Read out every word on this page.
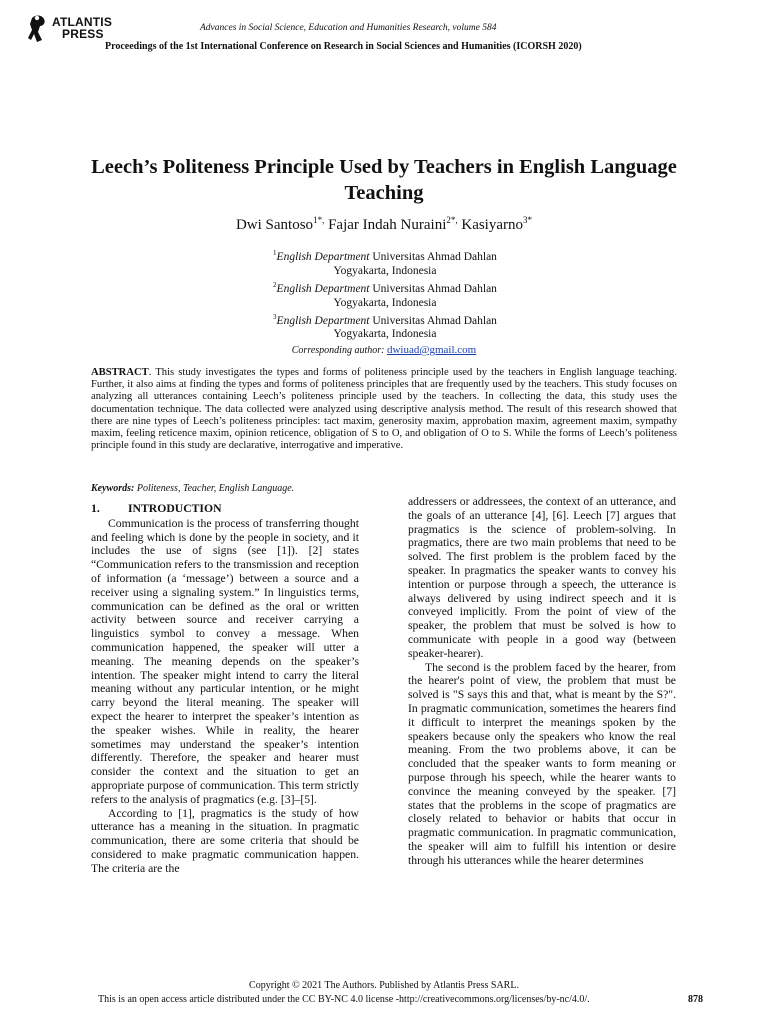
ATLANTIS
PRESS	Advances in Social Science, Education and Humanities Research, volume 584
Proceedings of the 1st International Conference on Research in Social Sciences and Humanities (ICORSH 2020)
Leech’s Politeness Principle Used by Teachers in English Language Teaching
Dwi Santoso$^{1*,}$ Fajar Indah Nuraini$^{2*,}$ Kasiyarno$^{3*}$
$^1$English Department Universitas Ahmad Dahlan
Yogyakarta, Indonesia
$^2$English Department Universitas Ahmad Dahlan
Yogyakarta, Indonesia
$^3$English Department Universitas Ahmad Dahlan
Yogyakarta, Indonesia
Corresponding author: dwiuad@gmail.com
ABSTRACT. This study investigates the types and forms of politeness principle used by the teachers in English language teaching. Further, it also aims at finding the types and forms of politeness principles that are frequently used by the teachers. This study focuses on analyzing all utterances containing Leech’s politeness principle used by the teachers. In collecting the data, this study uses the documentation technique. The data collected were analyzed using descriptive analysis method. The result of this research showed that there are nine types of Leech’s politeness principles: tact maxim, generosity maxim, approbation maxim, agreement maxim, sympathy maxim, feeling reticence maxim, opinion reticence, obligation of S to O, and obligation of O to S. While the forms of Leech’s politeness principle found in this study are declarative, interrogative and imperative.
Keywords: Politeness, Teacher, English Language.
1.	INTRODUCTION

Communication is the process of transferring thought and feeling which is done by the people in society, and it includes the use of signs (see [1]). [2] states “Communication refers to the transmission and reception of information (a ‘message’) between a source and a receiver using a signaling system.” In linguistics terms, communication can be defined as the oral or written activity between source and receiver carrying a linguistics symbol to convey a message. When communication happened, the speaker will utter a meaning. The meaning depends on the speaker’s intention. The speaker might intend to carry the literal meaning without any particular intention, or he might carry beyond the literal meaning. The speaker will expect the hearer to interpret the speaker’s intention as the speaker wishes. While in reality, the hearer sometimes may understand the speaker’s intention differently. Therefore, the speaker and hearer must consider the context and the situation to get an appropriate purpose of communication. This term strictly refers to the analysis of pragmatics (e.g. [3]–[5].

According to [1], pragmatics is the study of how utterance has a meaning in the situation. In pragmatic communication, there are some criteria that should be considered to make pragmatic communication happen. The criteria are the

addressers or addressees, the context of an utterance, and the goals of an utterance [4], [6]. Leech [7] argues that pragmatics is the science of problem-solving. In pragmatics, there are two main problems that need to be solved. The first problem is the problem faced by the speaker. In pragmatics the speaker wants to convey his intention or purpose through a speech, the utterance is always delivered by using indirect speech and it is conveyed implicitly. From the point of view of the speaker, the problem that must be solved is how to communicate with people in a good way (between speaker-hearer).

The second is the problem faced by the hearer, from the hearer's point of view, the problem that must be solved is "S says this and that, what is meant by the S?". In pragmatic communication, sometimes the hearers find it difficult to interpret the meanings spoken by the speakers because only the speakers who know the real meaning. From the two problems above, it can be concluded that the speaker wants to form meaning or purpose through his speech, while the hearer wants to convince the meaning conveyed by the speaker. [7] states that the problems in the scope of pragmatics are closely related to behavior or habits that occur in pragmatic communication. In pragmatic communication, the speaker will aim to fulfill his intention or desire through his utterances while the hearer determines

Copyright © 2021 The Authors. Published by Atlantis Press SARL.
This is an open access article distributed under the CC BY-NC 4.0 license -http://creativecommons.org/licenses/by-nc/4.0/.	878
